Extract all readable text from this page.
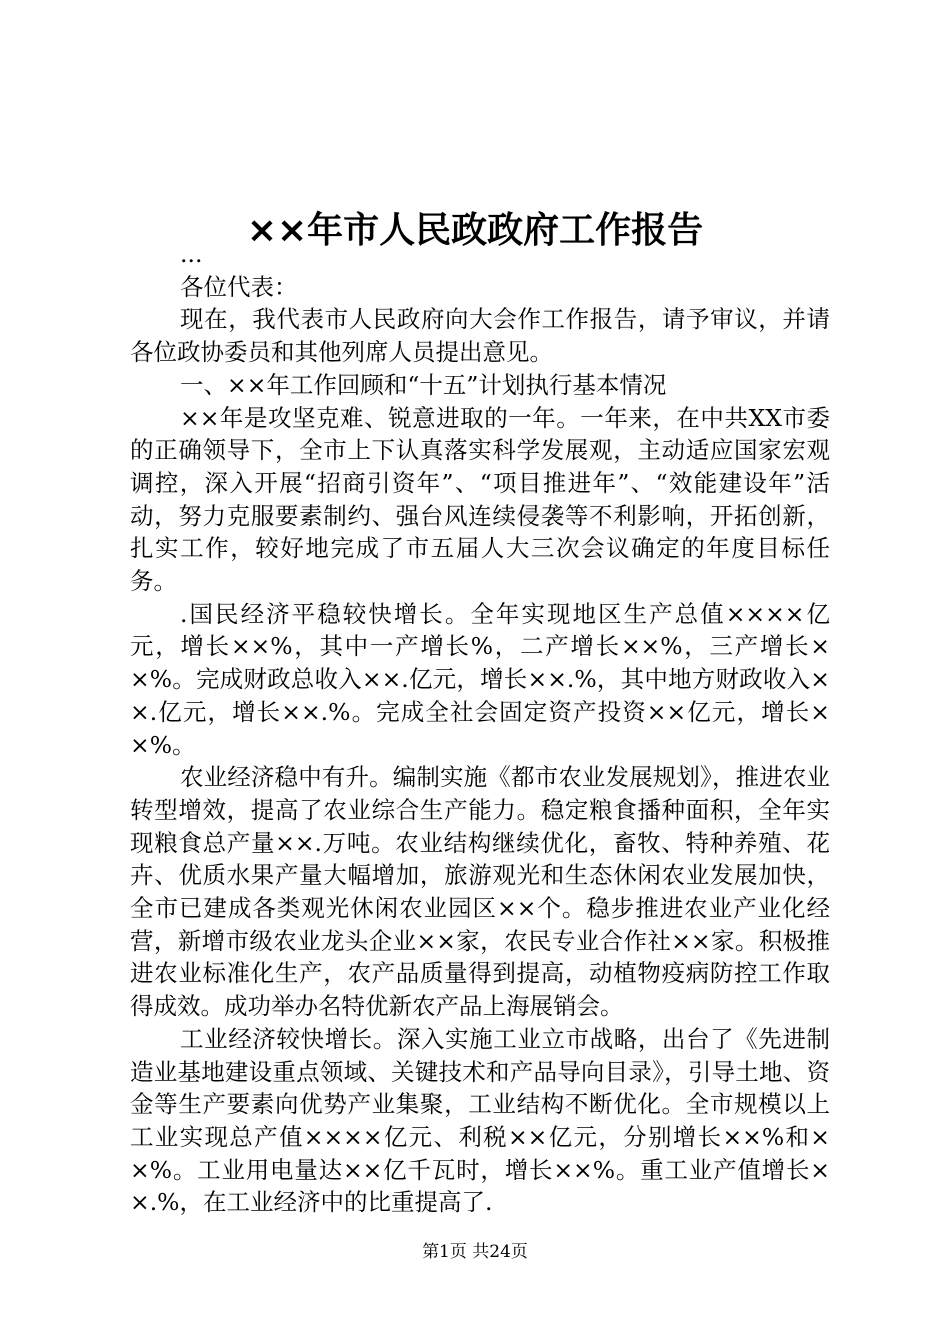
××年市人民政政府工作报告

...

各位代表：

现在，我代表市人民政府向大会作工作报告，请予审议，并请各位政协委员和其他列席人员提出意见。

一、××年工作回顾和“十五”计划执行基本情况

××年是攻坚克难、锐意进取的一年。一年来，在中共XX市委的正确领导下，全市上下认真落实科学发展观，主动适应国家宏观调控，深入开展“招商引资年”、“项目推进年”、“效能建设年”活动，努力克服要素制约、强台风连续侵袭等不利影响，开拓创新，扎实工作，较好地完成了市五届人大三次会议确定的年度目标任务。

.国民经济平稳较快增长。全年实现地区生产总值××××亿元，增长××%，其中一产增长%，二产增长××%，三产增长××%。完成财政总收入××.亿元，增长××.%，其中地方财政收入××.亿元，增长××.%。完成全社会固定资产投资××亿元，增长××%。

农业经济稳中有升。编制实施《都市农业发展规划》，推进农业转型增效，提高了农业综合生产能力。稳定粮食播种面积，全年实现粮食总产量××.万吨。农业结构继续优化，畜牧、特种养殖、花卉、优质水果产量大幅增加，旅游观光和生态休闲农业发展加快，全市已建成各类观光休闲农业园区××个。稳步推进农业产业化经营，新增市级农业龙头企业××家，农民专业合作社××家。积极推进农业标准化生产，农产品质量得到提高，动植物疫病防控工作取得成效。成功举办名特优新农产品上海展销会。

工业经济较快增长。深入实施工业立市战略，出台了《先进制造业基地建设重点领域、关键技术和产品导向目录》，引导土地、资金等生产要素向优势产业集聚，工业结构不断优化。全市规模以上工业实现总产值××××亿元、利税××亿元，分别增长××%和××%。工业用电量达××亿千瓦时，增长××%。重工业产值增长××.%，在工业经济中的比重提高了.

第1页 共24页
